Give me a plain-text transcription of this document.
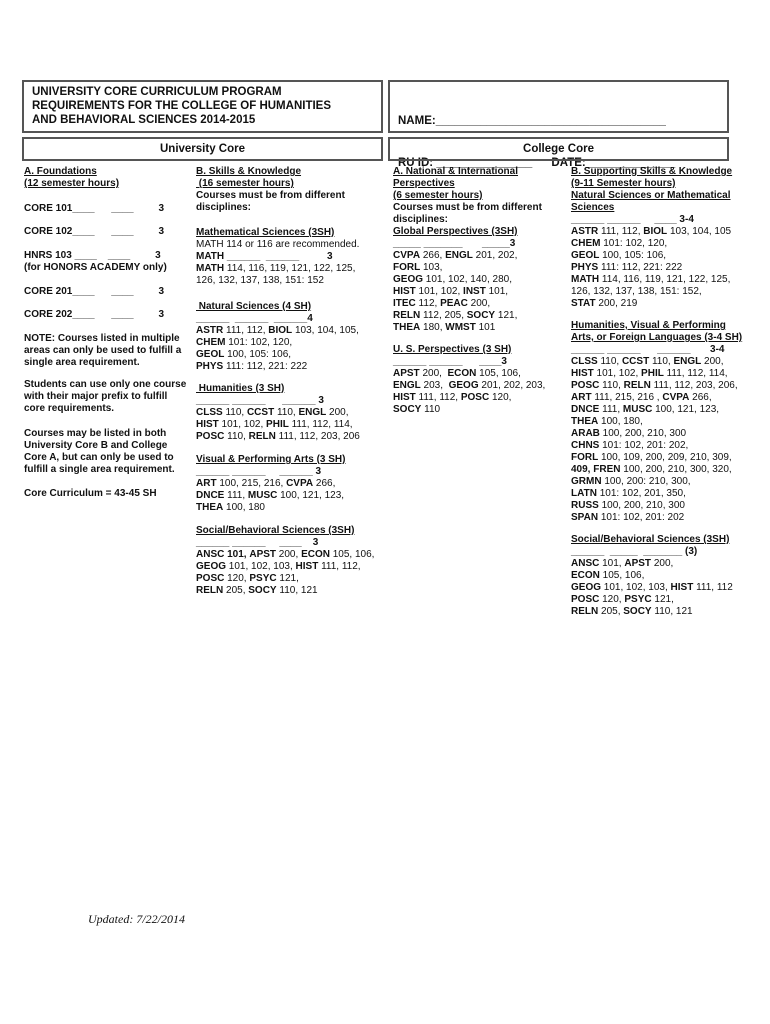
UNIVERSITY CORE CURRICULUM PROGRAM
REQUIREMENTS FOR THE COLLEGE OF HUMANITIES
AND BEHAVIORAL SCIENCES 2014-2015

	NAME:____________________________________

RU ID: _______________      DATE:______________

University Core	College Core
A. Foundations
(12 semester hours)
CORE 101____      ____         3
CORE 102____      ____         3
HNRS 103 ____    ____         3
(for HONORS ACADEMY only)
CORE 201____      ____         3
CORE 202____      ____         3
NOTE: Courses listed in multiple
areas can only be used to fulfill a
single area requirement.
Students can use only one course
with their major prefix to fulfill
core requirements.
Courses may be listed in both
University Core B and College
Core A, but can only be used to
fulfill a single area requirement.
Core Curriculum = 43-45 SH
B. Skills & Knowledge
(16 semester hours)
Courses must be from different
disciplines:
Mathematical Sciences (3SH)
MATH 114 or 116 are recommended.
MATH ______  ______          3
MATH 114, 116, 119, 121, 122, 125,
126, 132, 137, 138, 151: 152
Natural Sciences (4 SH)
______  ______  ______4
ASTR 111, 112, BIOL 103, 104, 105,
CHEM 101: 102, 120,
GEOL 100, 105: 106,
PHYS 111: 112, 221: 222
Humanities (3 SH)
______ ______      ______ 3
CLSS 110, CCST 110, ENGL 200,
HIST 101, 102, PHIL 111, 112, 114,
POSC 110, RELN 111, 112, 203, 206
Visual & Performing Arts (3 SH)
______ ______     ______ 3
ART 100, 215, 216, CVPA 266,
DNCE 111, MUSC 100, 121, 123,
THEA 100, 180
Social/Behavioral Sciences (3SH)
______ ______     ____    3
ANSC 101, APST 200, ECON 105, 106,
GEOG 101, 102, 103, HIST 111, 112,
POSC 120, PSYC 121,
RELN 205, SOCY 110, 121
A. National & International
Perspectives
(6 semester hours)
Courses must be from different
disciplines:
Global Perspectives (3SH)
_____ _______       _____3
CVPA 266, ENGL 201, 202,
FORL 103,
GEOG 101, 102, 140, 280,
HIST 101, 102, INST 101,
ITEC 112, PEAC 200,
RELN 112, 205, SOCY 121,
THEA 180, WMST 101
U. S. Perspectives (3 SH)
______ ______      ____3
APST 200,  ECON 105, 106,
ENGL 203,  GEOG 201, 202, 203,
HIST 111, 112, POSC 120,
SOCY 110
B. Supporting Skills & Knowledge
(9-11 Semester hours)
Natural Sciences or Mathematical
Sciences
______ ______     ____ 3-4
ASTR 111, 112, BIOL 103, 104, 105
CHEM 101: 102, 120,
GEOL 100, 105: 106,
PHYS 111: 112, 221: 222
MATH 114, 116, 119, 121, 122, 125,
126, 132, 137, 138, 151: 152,
STAT 200, 219
Humanities, Visual & Performing
Arts, or Foreign Languages (3-4 SH)
______ ______      ______       3-4
CLSS 110, CCST 110, ENGL 200,
HIST 101, 102, PHIL 111, 112, 114,
POSC 110, RELN 111, 112, 203, 206,
ART 111, 215, 216 , CVPA 266,
DNCE 111, MUSC 100, 121, 123,
THEA 100, 180,
ARAB 100, 200, 210, 300
CHNS 101: 102, 201: 202,
FORL 100, 109, 200, 209, 210, 309,
409, FREN 100, 200, 210, 300, 320,
GRMN 100, 200: 210, 300,
LATN 101: 102, 201, 350,
RUSS 100, 200, 210, 300
SPAN 101: 102, 201: 202
Social/Behavioral Sciences (3SH)
______  _____  _______ (3)
ANSC 101, APST 200,
ECON 105, 106,
GEOG 101, 102, 103, HIST 111, 112
POSC 120, PSYC 121,
RELN 205, SOCY 110, 121
Updated: 7/22/2014
